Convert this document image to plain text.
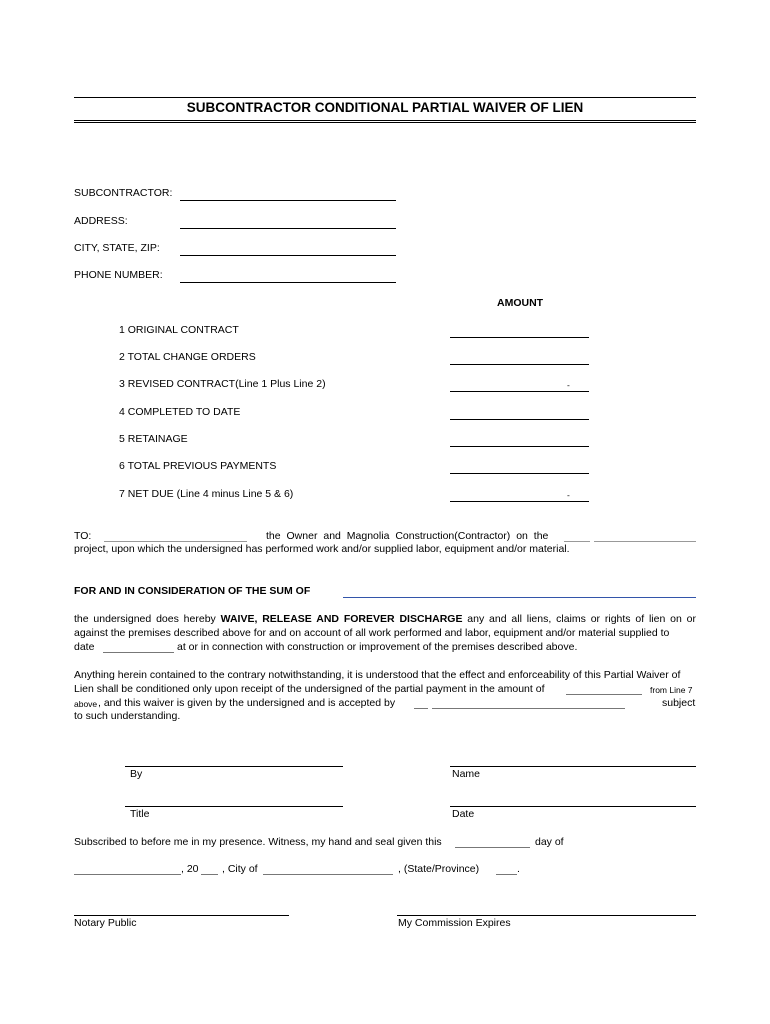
SUBCONTRACTOR CONDITIONAL PARTIAL WAIVER OF LIEN
SUBCONTRACTOR:
ADDRESS:
CITY, STATE, ZIP:
PHONE NUMBER:
AMOUNT
1 ORIGINAL CONTRACT
2 TOTAL CHANGE ORDERS
3 REVISED CONTRACT(Line 1 Plus Line 2)	-
4 COMPLETED TO DATE
5 RETAINAGE
6 TOTAL PREVIOUS PAYMENTS
7 NET DUE (Line 4 minus Line 5 & 6)	-
TO:	the Owner and Magnolia Construction(Contractor) on the
project, upon which the undersigned has performed work and/or supplied labor, equipment and/or material.
FOR AND IN CONSIDERATION OF THE SUM OF
the undersigned does hereby WAIVE, RELEASE AND FOREVER DISCHARGE any and all liens, claims or rights of lien on or against the premises described above for and on account of all work performed and labor, equipment and/or material supplied to
date	at or in connection with construction or improvement of the premises described above.
Anything herein contained to the contrary notwithstanding, it is understood that the effect and enforceability of this Partial Waiver of
Lien shall be conditioned only upon receipt of the undersigned of the partial payment in the amount of	from Line 7
above , and this waiver is given by the undersigned and is accepted by	subject
to such understanding.
By	Name
Title	Date
Subscribed to before me in my presence. Witness, my hand and seal given this	day of
, 20 , City of	, (State/Province)	.
Notary Public	My Commission Expires
